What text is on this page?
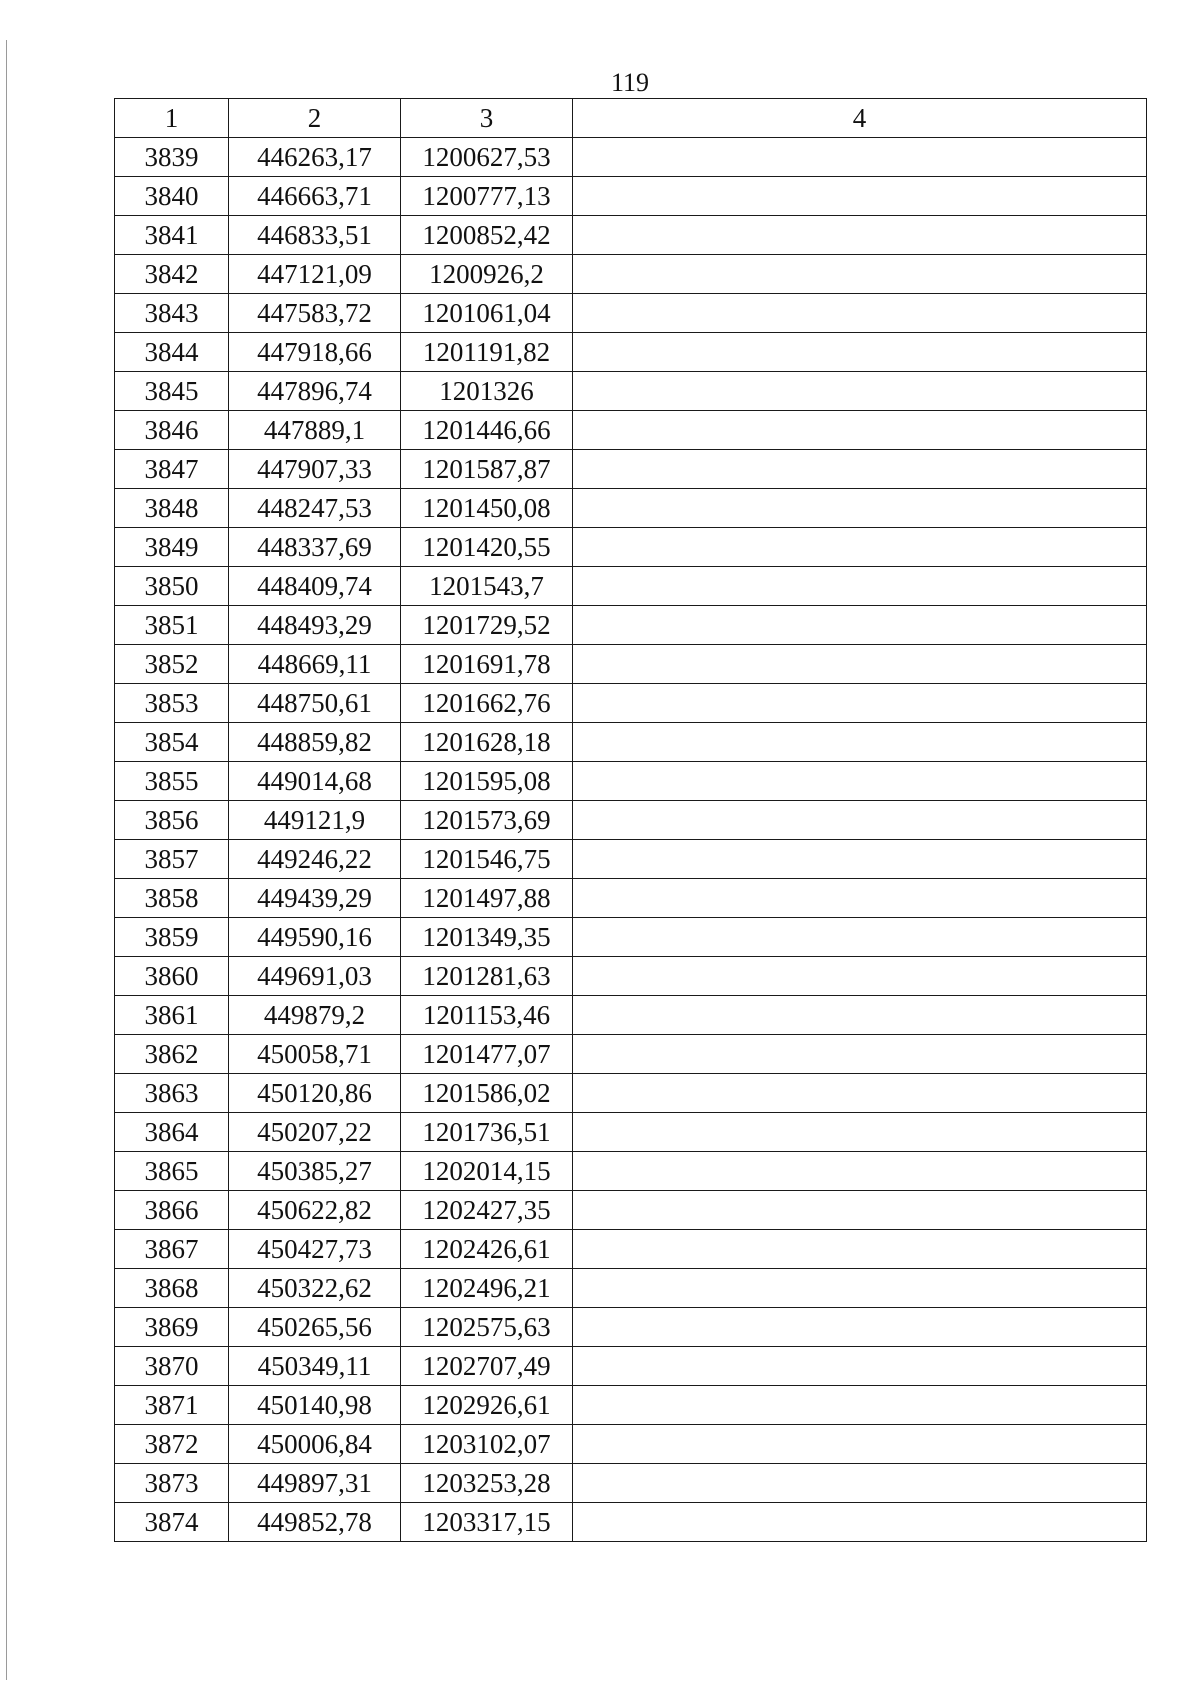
119
1	2	3	4
3839	446263,17	1200627,53	
3840	446663,71	1200777,13	
3841	446833,51	1200852,42	
3842	447121,09	1200926,2	
3843	447583,72	1201061,04	
3844	447918,66	1201191,82	
3845	447896,74	1201326	
3846	447889,1	1201446,66	
3847	447907,33	1201587,87	
3848	448247,53	1201450,08	
3849	448337,69	1201420,55	
3850	448409,74	1201543,7	
3851	448493,29	1201729,52	
3852	448669,11	1201691,78	
3853	448750,61	1201662,76	
3854	448859,82	1201628,18	
3855	449014,68	1201595,08	
3856	449121,9	1201573,69	
3857	449246,22	1201546,75	
3858	449439,29	1201497,88	
3859	449590,16	1201349,35	
3860	449691,03	1201281,63	
3861	449879,2	1201153,46	
3862	450058,71	1201477,07	
3863	450120,86	1201586,02	
3864	450207,22	1201736,51	
3865	450385,27	1202014,15	
3866	450622,82	1202427,35	
3867	450427,73	1202426,61	
3868	450322,62	1202496,21	
3869	450265,56	1202575,63	
3870	450349,11	1202707,49	
3871	450140,98	1202926,61	
3872	450006,84	1203102,07	
3873	449897,31	1203253,28	
3874	449852,78	1203317,15	
